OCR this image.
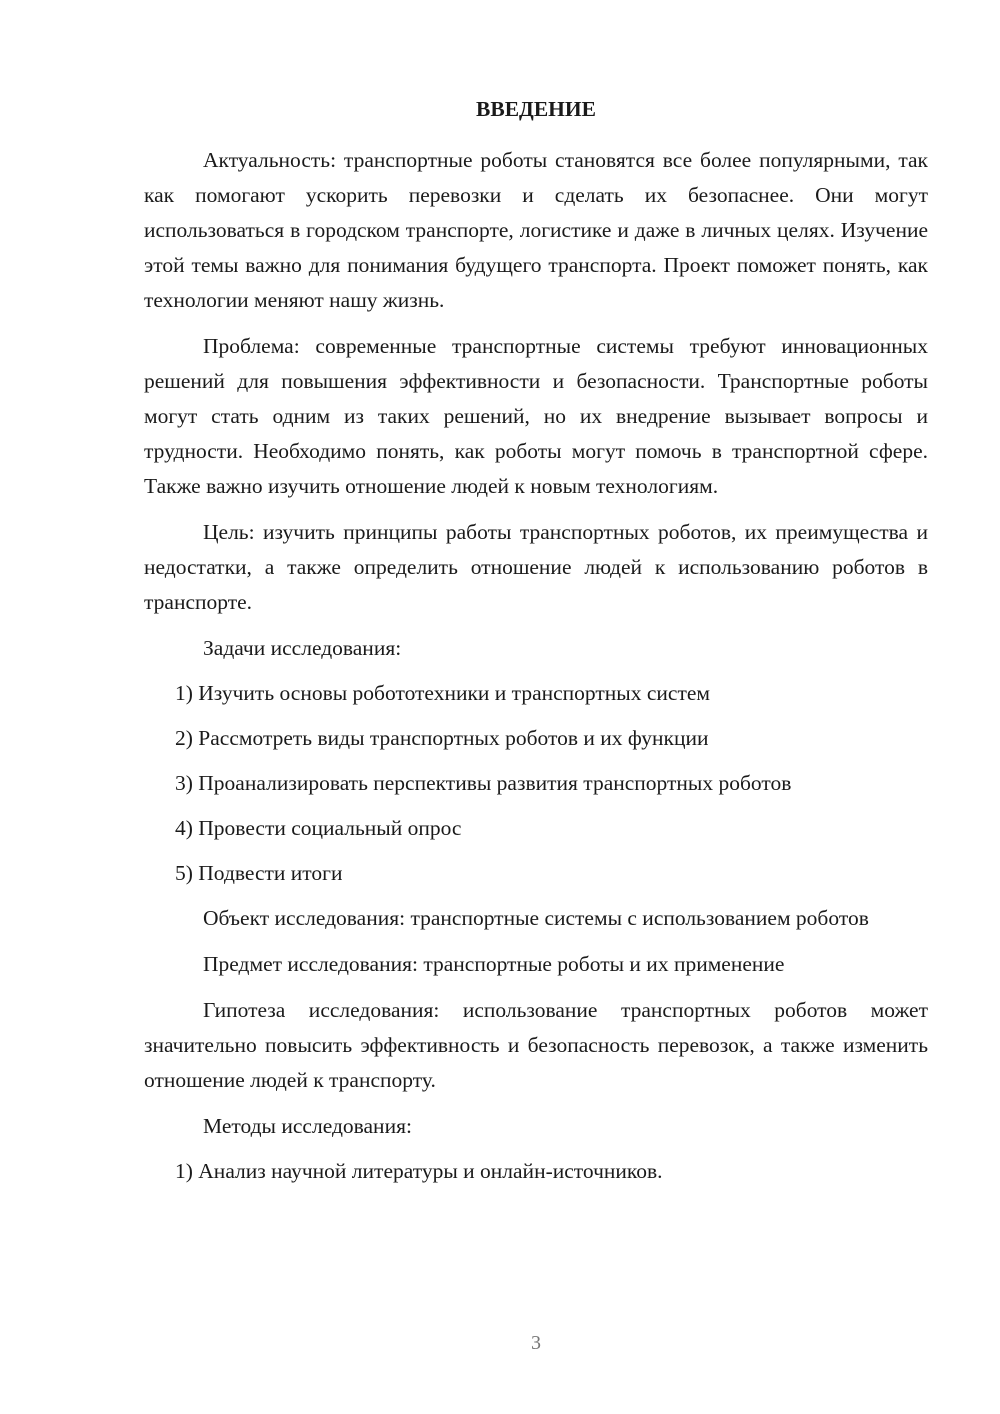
ВВЕДЕНИЕ

Актуальность: транспортные роботы становятся все более популярными, так как помогают ускорить перевозки и сделать их безопаснее. Они могут использоваться в городском транспорте, логистике и даже в личных целях. Изучение этой темы важно для понимания будущего транспорта. Проект поможет понять, как технологии меняют нашу жизнь.

Проблема: современные транспортные системы требуют инновационных решений для повышения эффективности и безопасности. Транспортные роботы могут стать одним из таких решений, но их внедрение вызывает вопросы и трудности. Необходимо понять, как роботы могут помочь в транспортной сфере. Также важно изучить отношение людей к новым технологиям.

Цель: изучить принципы работы транспортных роботов, их преимущества и недостатки, а также определить отношение людей к использованию роботов в транспорте.

Задачи исследования:

1) Изучить основы робототехники и транспортных систем

2) Рассмотреть виды транспортных роботов и их функции

3) Проанализировать перспективы развития транспортных роботов

4) Провести социальный опрос

5) Подвести итоги

Объект исследования: транспортные системы с использованием роботов

Предмет исследования: транспортные роботы и их применение

Гипотеза исследования: использование транспортных роботов может значительно повысить эффективность и безопасность перевозок, а также изменить отношение людей к транспорту.

Методы исследования:

1) Анализ научной литературы и онлайн-источников.

3
